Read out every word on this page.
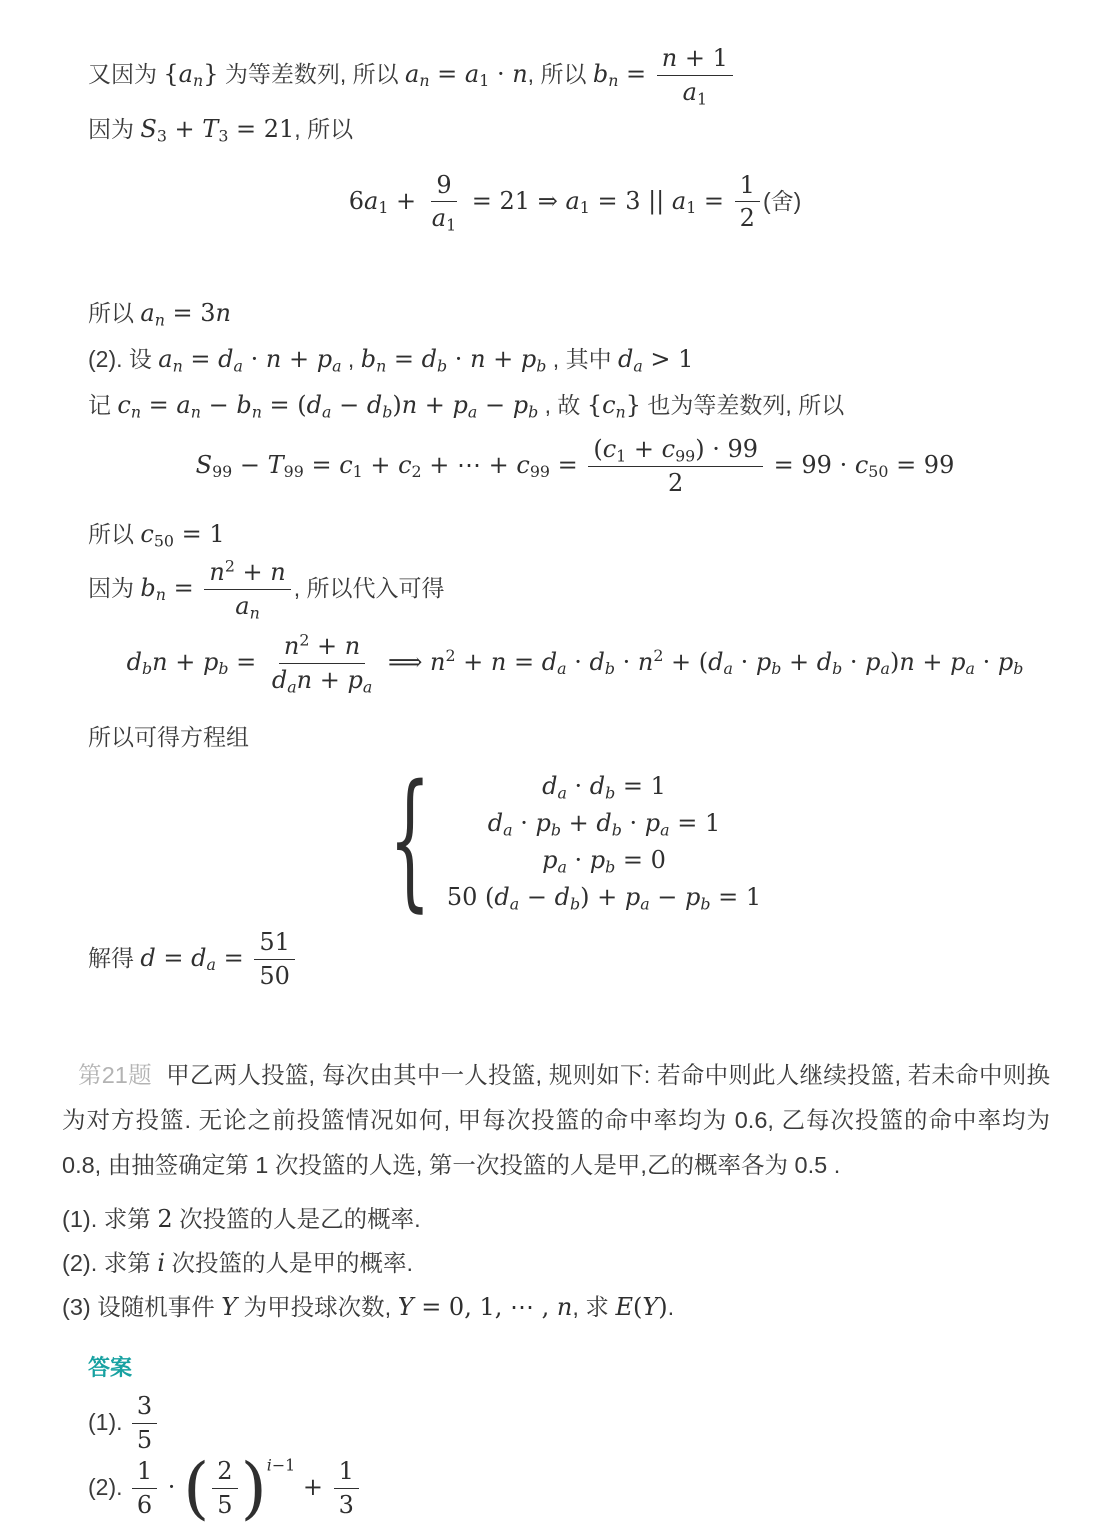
又因为 $\{a_n\}$ 为等差数列, 所以 $a_n = a_1 \cdot n$, 所以 $b_n = \frac{n + 1}{a_1}$
因为 $S_3 + T_3 = 21$, 所以
$6a_1 + \frac{9}{a_1} = 21$ ⇒ $a_1 = 3$ || $a_1 = \frac{1}{2}$ (舍)
所以 $a_n = 3n$
(2). 设 $a_n = d_a \cdot n + p_a$ , $b_n = d_b \cdot n + p_b$ , 其中 $d_a > 1$
记 $c_n = a_n - b_n = (d_a - d_b)n + p_a - p_b$ , 故 $\{c_n\}$ 也为等差数列, 所以
$S_{99} - T_{99} = c_1 + c_2$ + ⋯ + $c_{99} = \frac{(c_1 + c_{99}) \cdot 99}{2} = 99 \cdot c_{50} = 99$
所以 $c_{50} = 1$
因为 $b_n = \frac{n^2 + n}{a_n}$ , 所以代入可得
$d_bn + p_b = \frac{n^2 + n}{d_an + p_a}$ ⟹ $n^2 + n = d_a \cdot d_b \cdot n^2 + (d_a \cdot p_b + d_b \cdot p_a)n + p_a \cdot p_b$
所以可得方程组
{	$d_a \cdot d_b = 1$
$d_a \cdot p_b + d_b \cdot p_a = 1$
$p_a \cdot p_b = 0$
50 $(d_a - d_b) + p_a - p_b = 1$
解得 $d = d_a = \frac{51}{50}$

第21题 甲乙两人投篮, 每次由其中一人投篮, 规则如下: 若命中则此人继续投篮, 若未命中则换为对方投篮. 无论之前投篮情况如何, 甲每次投篮的命中率均为 0.6, 乙每次投篮的命中率均为 0.8, 由抽签确定第 1 次投篮的人选, 第一次投篮的人是甲,乙的概率各为 0.5 .

(1). 求第 2 次投篮的人是乙的概率.
(2). 求第 i 次投篮的人是甲的概率.
(3) 设随机事件 Y 为甲投球次数, Y = 0, 1, ⋯ , n, 求 E(Y).
答案
(1). $\frac{3}{5}$
(2). $\frac{1}{6}$ · ( $\frac{2}{5}$ ) $^{i-1} + \frac{1}{3}$
